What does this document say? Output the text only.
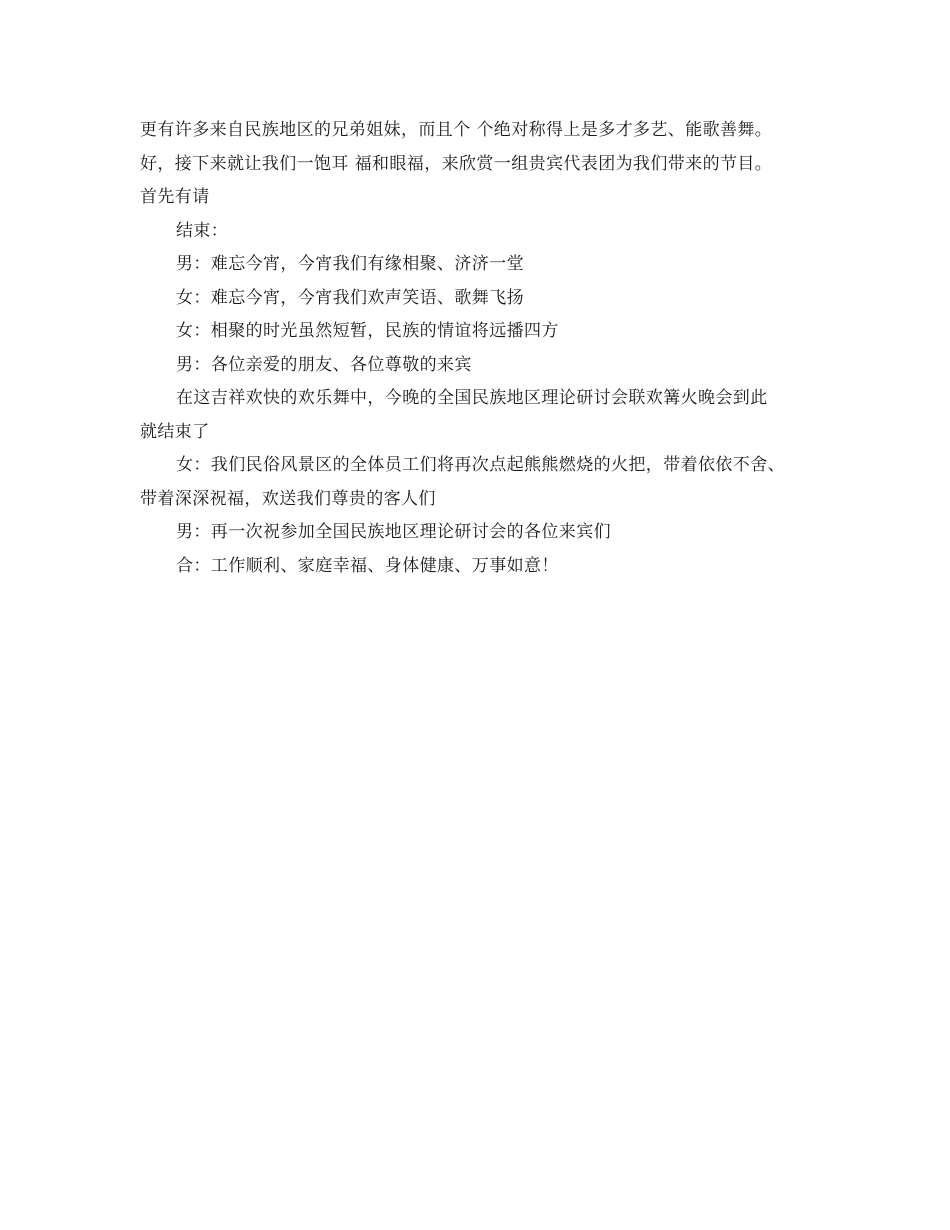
更有许多来自民族地区的兄弟姐妹，而且个 个绝对称得上是多才多艺、能歌善舞。
好，接下来就让我们一饱耳 福和眼福，来欣赏一组贵宾代表团为我们带来的节目。
首先有请

结束：

男：难忘今宵，今宵我们有缘相聚、济济一堂

女：难忘今宵，今宵我们欢声笑语、歌舞飞扬

女：相聚的时光虽然短暂，民族的情谊将远播四方

男：各位亲爱的朋友、各位尊敬的来宾

在这吉祥欢快的欢乐舞中，今晚的全国民族地区理论研讨会联欢篝火晚会到此
就结束了

女：我们民俗风景区的全体员工们将再次点起熊熊燃烧的火把，带着依依不舍、
带着深深祝福，欢送我们尊贵的客人们

男：再一次祝参加全国民族地区理论研讨会的各位来宾们

合：工作顺利、家庭幸福、身体健康、万事如意！
